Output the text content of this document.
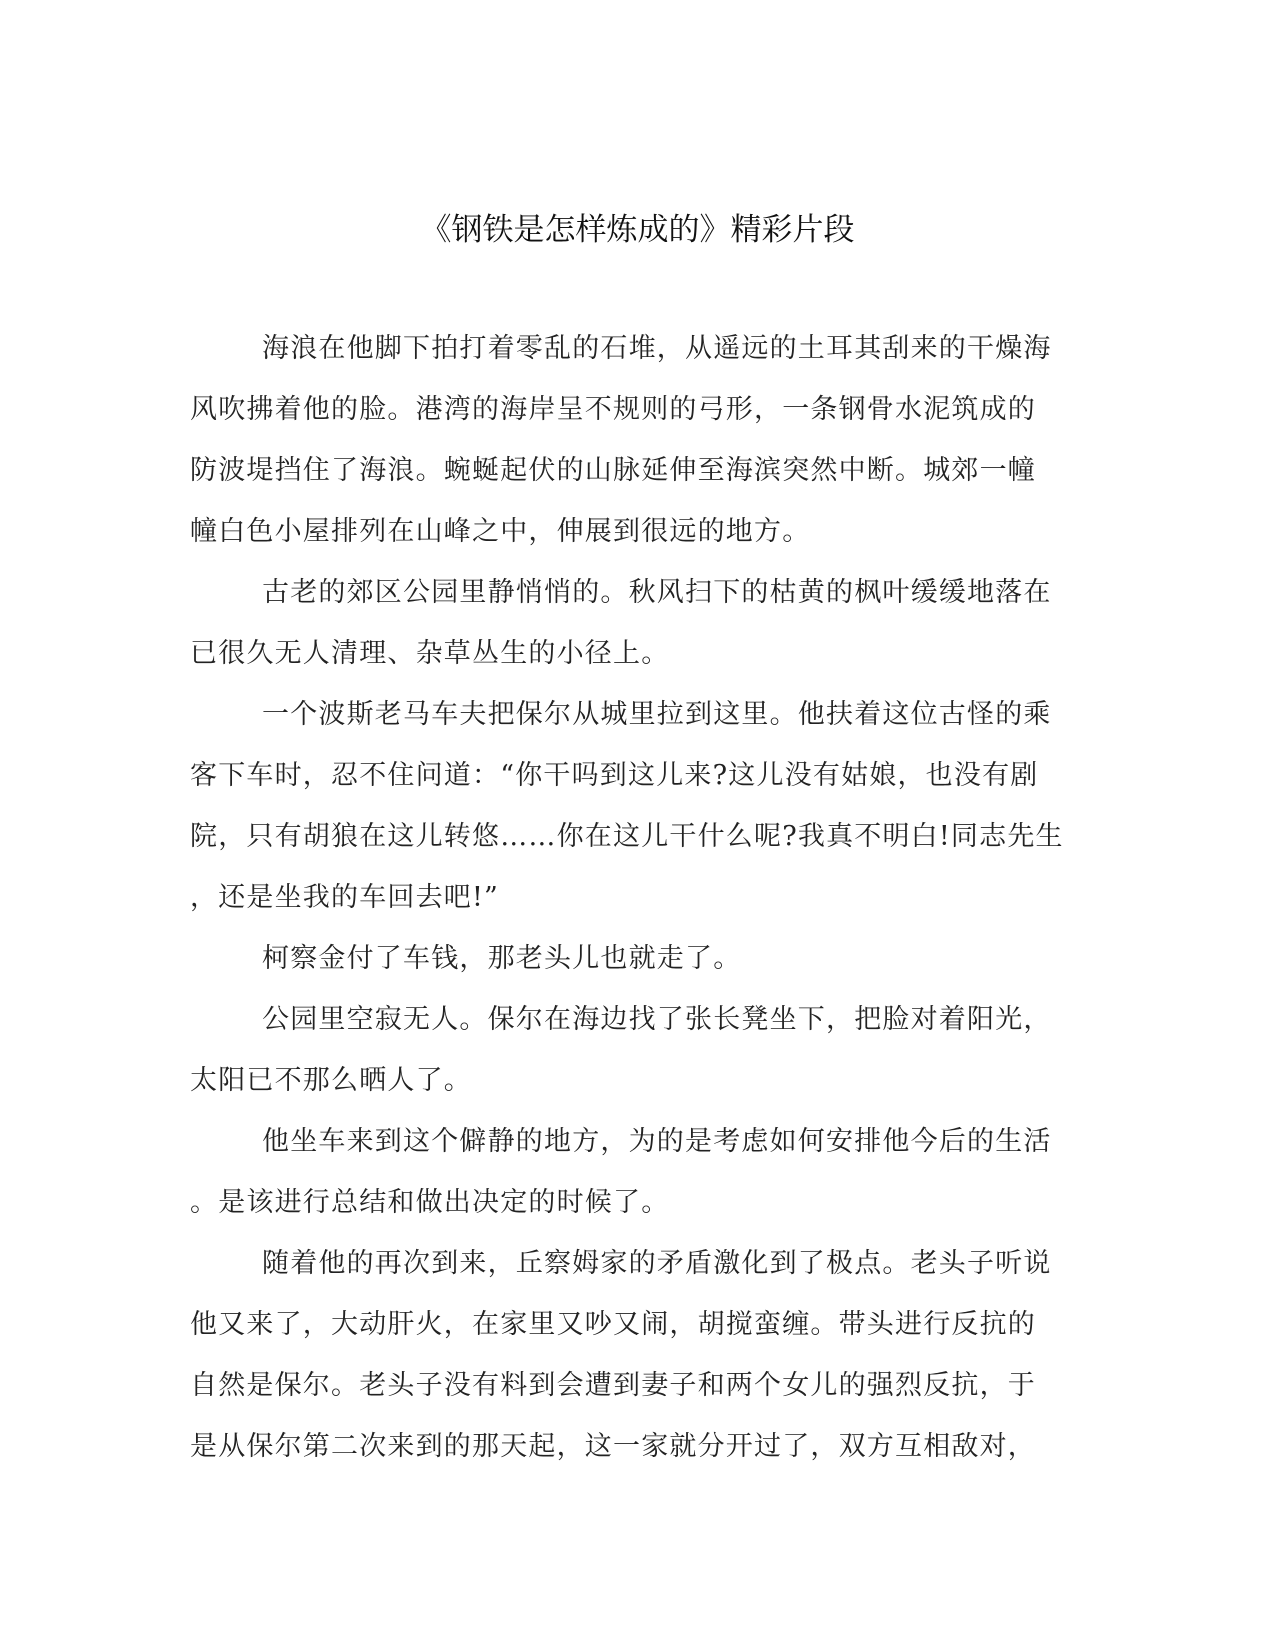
《钢铁是怎样炼成的》精彩片段
海浪在他脚下拍打着零乱的石堆，从遥远的土耳其刮来的干燥海
风吹拂着他的脸。港湾的海岸呈不规则的弓形，一条钢骨水泥筑成的
防波堤挡住了海浪。蜿蜒起伏的山脉延伸至海滨突然中断。城郊一幢
幢白色小屋排列在山峰之中，伸展到很远的地方。
古老的郊区公园里静悄悄的。秋风扫下的枯黄的枫叶缓缓地落在
已很久无人清理、杂草丛生的小径上。
一个波斯老马车夫把保尔从城里拉到这里。他扶着这位古怪的乘
客下车时，忍不住问道：“你干吗到这儿来?这儿没有姑娘，也没有剧
院，只有胡狼在这儿转悠……你在这儿干什么呢?我真不明白!同志先生
，还是坐我的车回去吧!”
柯察金付了车钱，那老头儿也就走了。
公园里空寂无人。保尔在海边找了张长凳坐下，把脸对着阳光，
太阳已不那么晒人了。
他坐车来到这个僻静的地方，为的是考虑如何安排他今后的生活
。是该进行总结和做出决定的时候了。
随着他的再次到来，丘察姆家的矛盾激化到了极点。老头子听说
他又来了，大动肝火，在家里又吵又闹，胡搅蛮缠。带头进行反抗的
自然是保尔。老头子没有料到会遭到妻子和两个女儿的强烈反抗，于
是从保尔第二次来到的那天起，这一家就分开过了，双方互相敌对，
